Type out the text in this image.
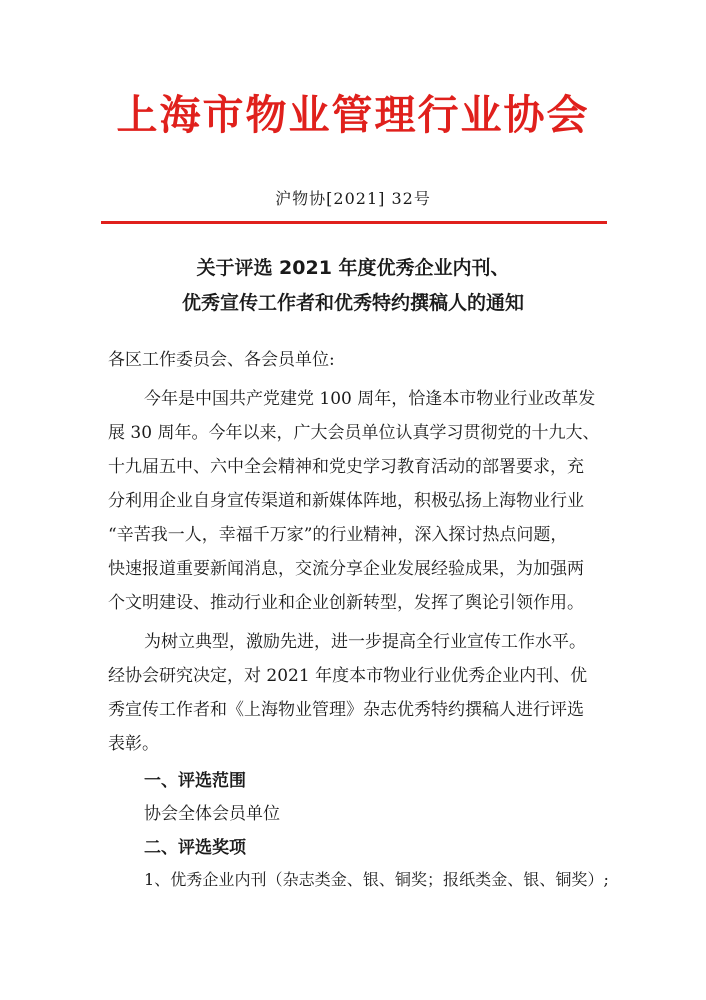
上海市物业管理行业协会
沪物协[2021] 32号
关于评选 2021 年度优秀企业内刊、
优秀宣传工作者和优秀特约撰稿人的通知
各区工作委员会、各会员单位:
今年是中国共产党建党 100 周年，恰逢本市物业行业改革发
展 30 周年。今年以来，广大会员单位认真学习贯彻党的十九大、
十九届五中、六中全会精神和党史学习教育活动的部署要求，充
分利用企业自身宣传渠道和新媒体阵地，积极弘扬上海物业行业
“辛苦我一人，幸福千万家”的行业精神，深入探讨热点问题，
快速报道重要新闻消息，交流分享企业发展经验成果，为加强两
个文明建设、推动行业和企业创新转型，发挥了舆论引领作用。
为树立典型，激励先进，进一步提高全行业宣传工作水平。
经协会研究决定，对 2021 年度本市物业行业优秀企业内刊、优
秀宣传工作者和《上海物业管理》杂志优秀特约撰稿人进行评选
表彰。
一、评选范围
协会全体会员单位
二、评选奖项
1、优秀企业内刊（杂志类金、银、铜奖；报纸类金、银、铜奖）;
